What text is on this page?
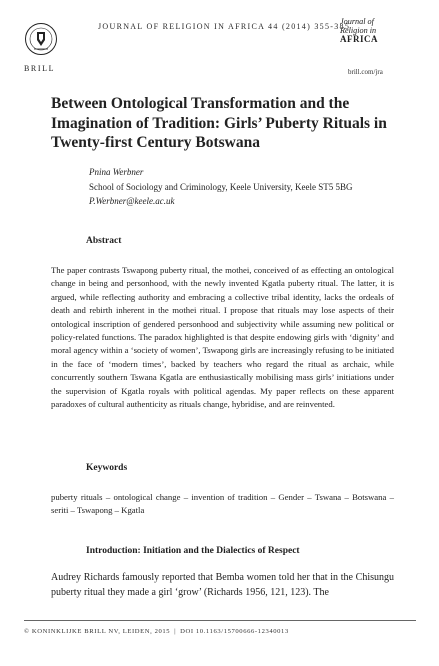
BRILL
JOURNAL OF RELIGION IN AFRICA 44 (2014) 355-385
Journal of
Religion in
AFRICA
brill.com/jra
Between Ontological Transformation and the Imagination of Tradition: Girls’ Puberty Rituals in Twenty-first Century Botswana
Pnina Werbner
School of Sociology and Criminology, Keele University, Keele ST5 5BG
P.Werbner@keele.ac.uk
Abstract
The paper contrasts Tswapong puberty ritual, the mothei, conceived of as effecting an ontological change in being and personhood, with the newly invented Kgatla puberty ritual. The latter, it is argued, while reflecting authority and embracing a collective tribal identity, lacks the ordeals of death and rebirth inherent in the mothei ritual. I propose that rituals may lose aspects of their ontological inscription of gendered personhood and subjectivity while assuming new political or policy-related functions. The paradox highlighted is that despite endowing girls with ‘dignity’ and moral agency within a ‘society of women’, Tswapong girls are increasingly refusing to be initiated in the face of ‘modern times’, backed by teachers who regard the ritual as archaic, while concurrently southern Tswana Kgatla are enthusiastically mobilising mass girls’ initiations under the supervision of Kgatla royals with political agendas. My paper reflects on these apparent paradoxes of cultural authenticity as rituals change, hybridise, and are reinvented.
Keywords
puberty rituals – ontological change – invention of tradition – Gender – Tswana – Botswana – seriti – Tswapong – Kgatla
Introduction: Initiation and the Dialectics of Respect
Audrey Richards famously reported that Bemba women told her that in the Chisungu puberty ritual they made a girl ‘grow’ (Richards 1956, 121, 123). The
© KONINKLIJKE BRILL NV, LEIDEN, 2015 | DOI 10.1163/15700666-12340013
